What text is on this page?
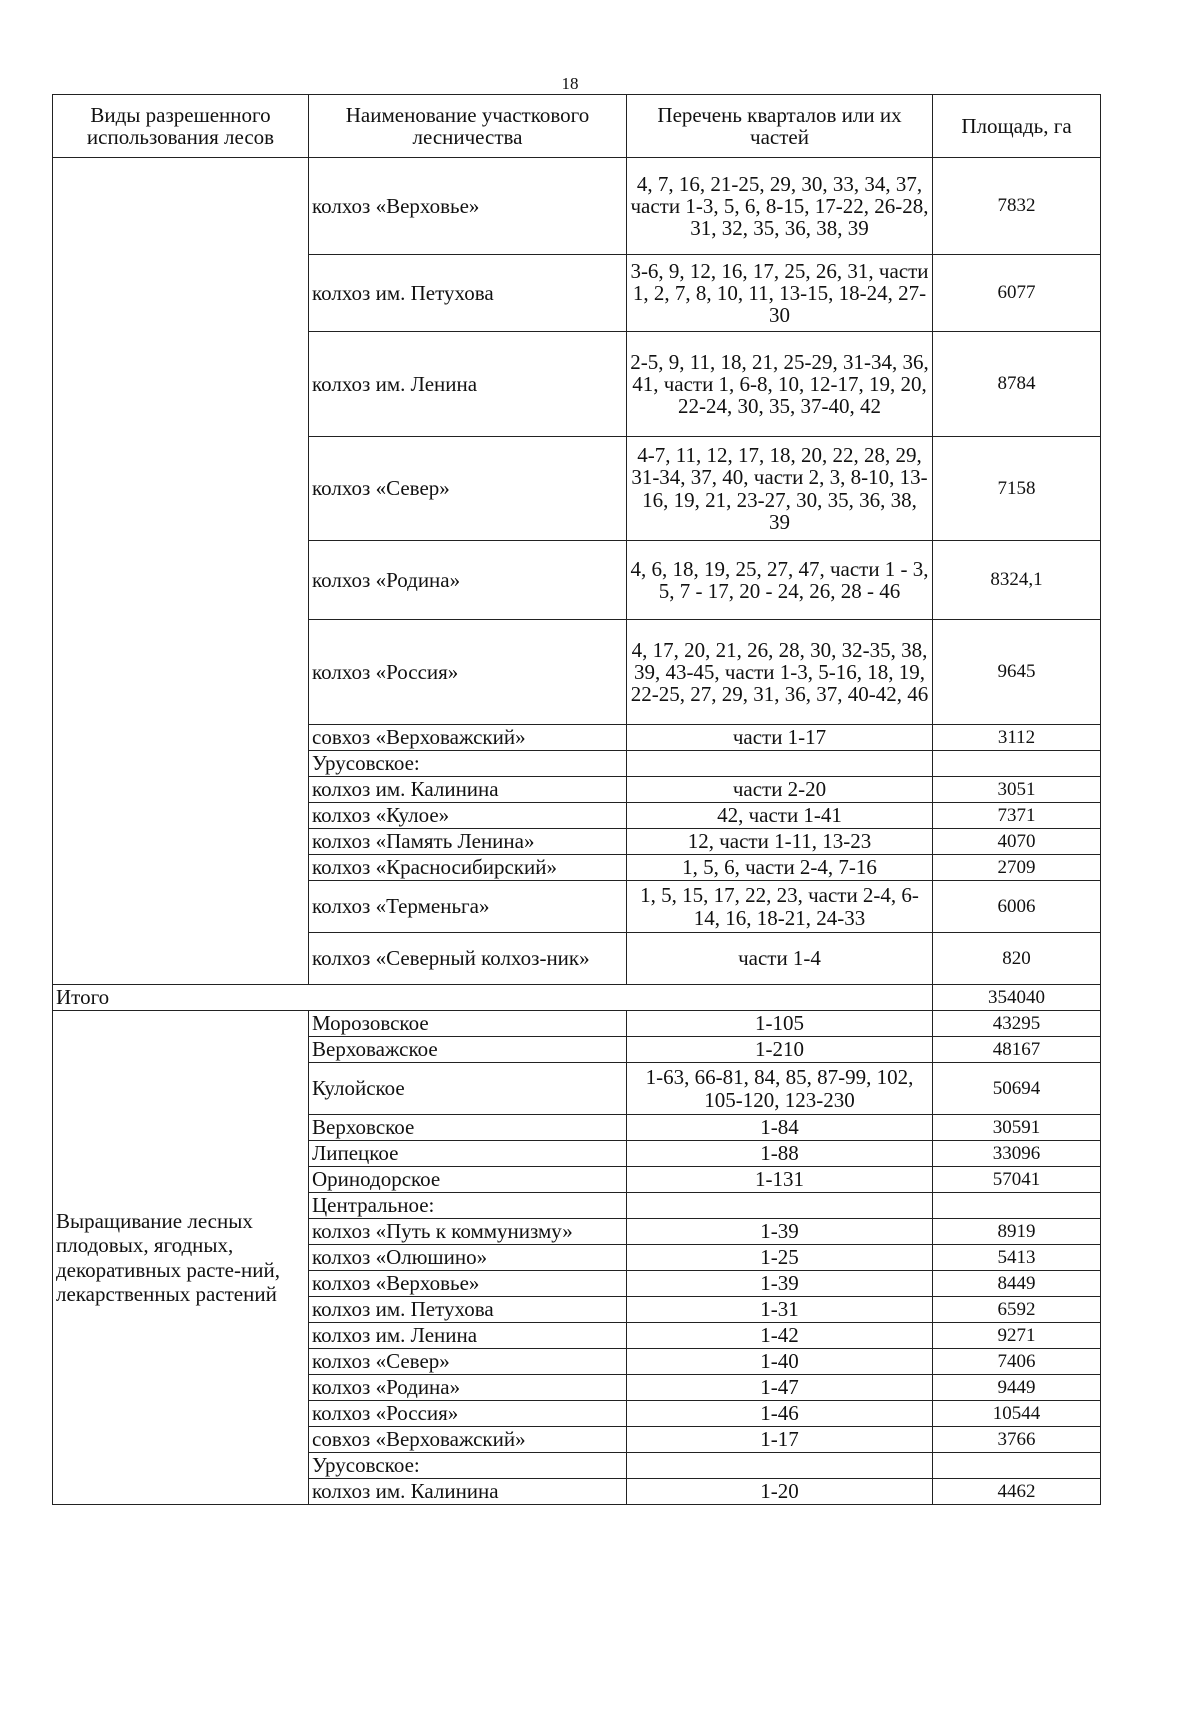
18
Виды разрешенного использования лесов	Наименование участкового лесничества	Перечень кварталов или их частей	Площадь, га
	колхоз «Верховье»	4, 7, 16, 21-25, 29, 30, 33, 34, 37, части 1-3, 5, 6, 8-15, 17-22, 26-28, 31, 32, 35, 36, 38, 39	7832
	колхоз им. Петухова	3-6, 9, 12, 16, 17, 25, 26, 31, части 1, 2, 7, 8, 10, 11, 13-15, 18-24, 27-30	6077
	колхоз им. Ленина	2-5, 9, 11, 18, 21, 25-29, 31-34, 36, 41, части 1, 6-8, 10, 12-17, 19, 20, 22-24, 30, 35, 37-40, 42	8784
	колхоз «Север»	4-7, 11, 12, 17, 18, 20, 22, 28, 29, 31-34, 37, 40, части 2, 3, 8-10, 13-16, 19, 21, 23-27, 30, 35, 36, 38, 39	7158
	колхоз «Родина»	4, 6, 18, 19, 25, 27, 47, части 1 - 3, 5, 7 - 17, 20 - 24, 26, 28 - 46	8324,1
	колхоз «Россия»	4, 17, 20, 21, 26, 28, 30, 32-35, 38, 39, 43-45, части 1-3, 5-16, 18, 19, 22-25, 27, 29, 31, 36, 37, 40-42, 46	9645
	совхоз «Верховажский»	части 1-17	3112
	Урусовское:		
	колхоз им. Калинина	части 2-20	3051
	колхоз «Кулое»	42, части 1-41	7371
	колхоз «Память Ленина»	12, части 1-11, 13-23	4070
	колхоз «Красносибирский»	1, 5, 6, части 2-4, 7-16	2709
	колхоз «Терменьга»	1, 5, 15, 17, 22, 23, части 2-4, 6-14, 16, 18-21, 24-33	6006
	колхоз «Северный колхоз-ник»	части 1-4	820
Итого			354040
Выращивание лесных плодовых, ягодных, декоративных расте-ний, лекарственных растений	Морозовское	1-105	43295
	Верховажское	1-210	48167
	Кулойское	1-63, 66-81, 84, 85, 87-99, 102, 105-120, 123-230	50694
	Верховское	1-84	30591
	Липецкое	1-88	33096
	Оринодорское	1-131	57041
	Центральное:		
	колхоз «Путь к коммунизму»	1-39	8919
	колхоз «Олюшино»	1-25	5413
	колхоз «Верховье»	1-39	8449
	колхоз им. Петухова	1-31	6592
	колхоз им. Ленина	1-42	9271
	колхоз «Север»	1-40	7406
	колхоз «Родина»	1-47	9449
	колхоз «Россия»	1-46	10544
	совхоз «Верховажский»	1-17	3766
	Урусовское:		
	колхоз им. Калинина	1-20	4462
